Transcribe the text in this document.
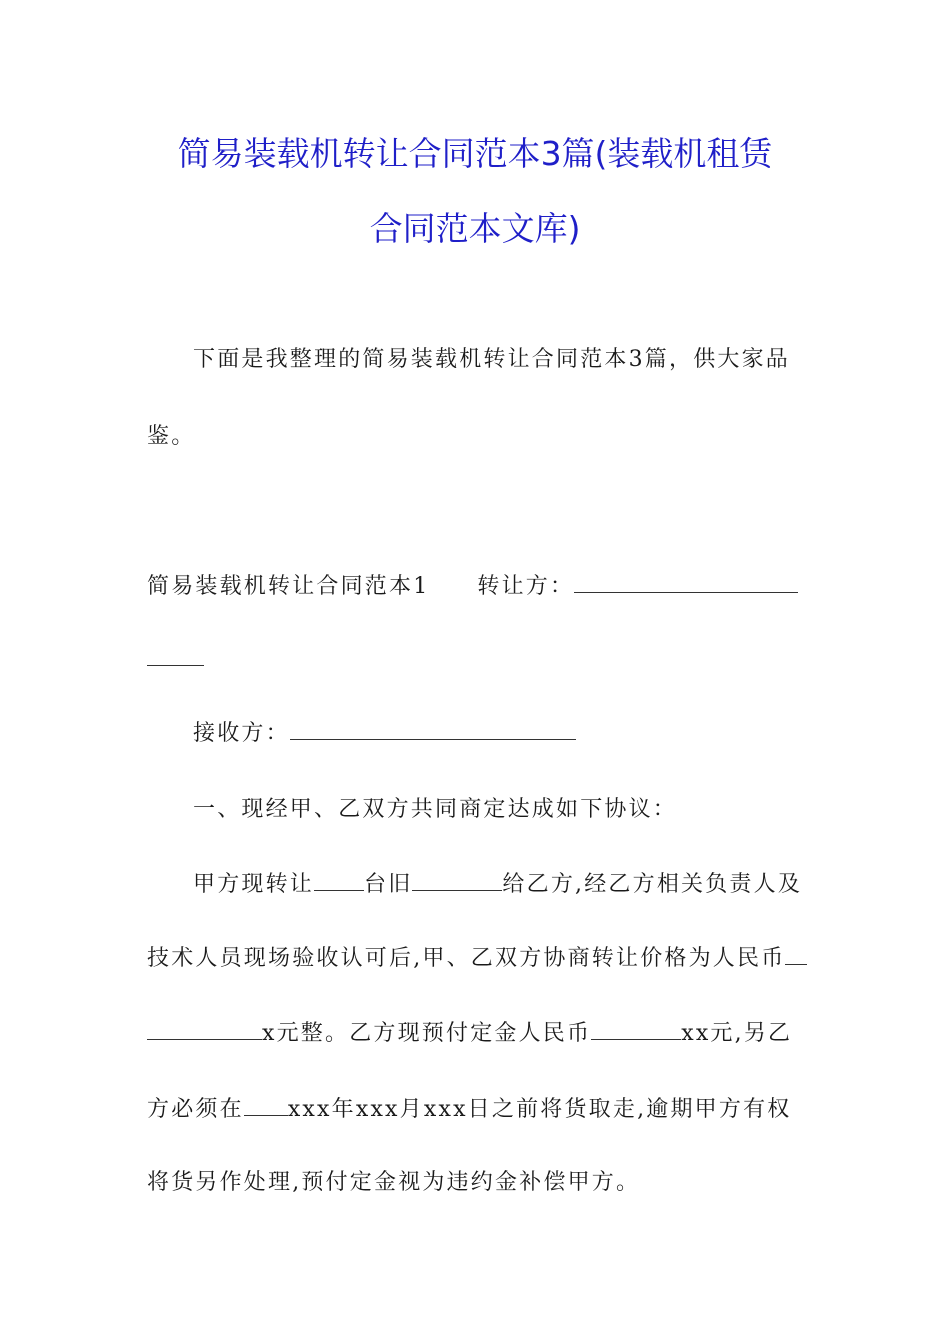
简易装载机转让合同范本3篇(装载机租赁
合同范本文库)
下面是我整理的简易装载机转让合同范本3篇，供大家品
鉴。
简易装载机转让合同范本1 转让方：
接收方：
一、现经甲、乙双方共同商定达成如下协议：
甲方现转让 台旧	给乙方,经乙方相关负责人及
技术人员现场验收认可后,甲、乙双方协商转让价格为人民币
x元整。乙方现预付定金人民币	xx元,另乙
方必须在 xxx年xxx月xxx日之前将货取走,逾期甲方有权
将货另作处理,预付定金视为违约金补偿甲方。
